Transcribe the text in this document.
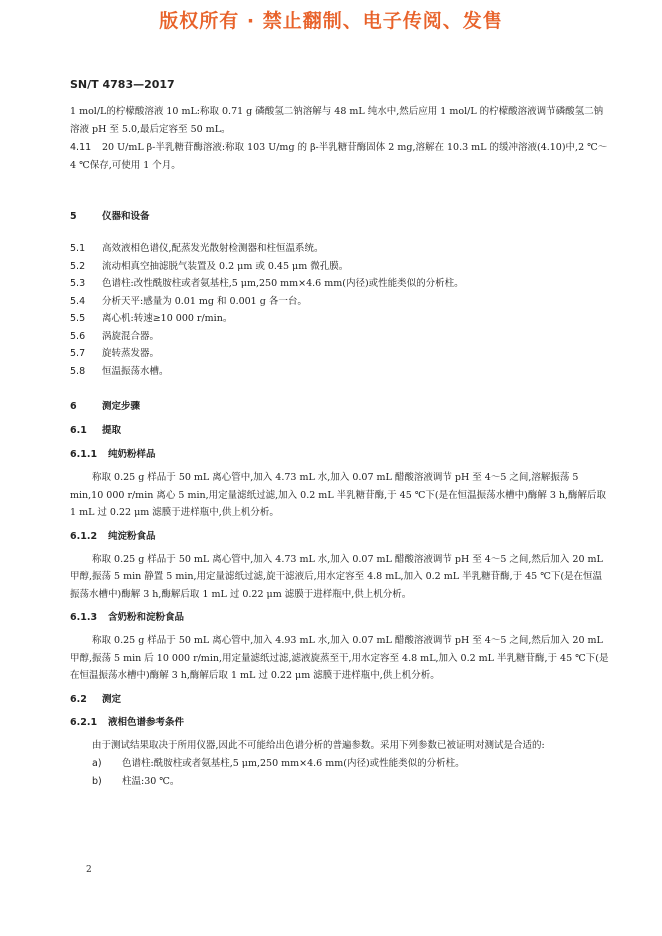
版权所有 · 禁止翻制、电子传阅、发售
SN/T 4783—2017

1 mol/L的柠檬酸溶液 10 mL:称取 0.71 g 磷酸氢二钠溶解与 48 mL 纯水中,然后应用 1 mol/L 的柠檬酸溶液调节磷酸氢二钠溶液 pH 至 5.0,最后定容至 50 mL。

4.11 20 U/mL β-半乳糖苷酶溶液:称取 103 U/mg 的 β-半乳糖苷酶固体 2 mg,溶解在 10.3 mL 的缓冲溶液(4.10)中,2 ℃～4 ℃保存,可使用 1 个月。

5	仪器和设备

5.1 高效液相色谱仪,配蒸发光散射检测器和柱恒温系统。

5.2 流动相真空抽滤脱气装置及 0.2 μm 或 0.45 μm 微孔膜。

5.3 色谱柱:改性酰胺柱或者氨基柱,5 μm,250 mm×4.6 mm(内径)或性能类似的分析柱。

5.4 分析天平:感量为 0.01 mg 和 0.001 g 各一台。

5.5 离心机:转速≥10 000 r/min。

5.6 涡旋混合器。

5.7 旋转蒸发器。

5.8 恒温振荡水槽。

6	测定步骤

6.1 提取

6.1.1 纯奶粉样品

称取 0.25 g 样品于 50 mL 离心管中,加入 4.73 mL 水,加入 0.07 mL 醋酸溶液调节 pH 至 4～5 之间,溶解振荡 5 min,10 000 r/min 离心 5 min,用定量滤纸过滤,加入 0.2 mL 半乳糖苷酶,于 45 ℃下(是在恒温振荡水槽中)酶解 3 h,酶解后取 1 mL 过 0.22 μm 滤膜于进样瓶中,供上机分析。

6.1.2 纯淀粉食品

称取 0.25 g 样品于 50 mL 离心管中,加入 4.73 mL 水,加入 0.07 mL 醋酸溶液调节 pH 至 4～5 之间,然后加入 20 mL 甲醇,振荡 5 min 静置 5 min,用定量滤纸过滤,旋干滤液后,用水定容至 4.8 mL,加入 0.2 mL 半乳糖苷酶,于 45 ℃下(是在恒温振荡水槽中)酶解 3 h,酶解后取 1 mL 过 0.22 μm 滤膜于进样瓶中,供上机分析。

6.1.3 含奶粉和淀粉食品

称取 0.25 g 样品于 50 mL 离心管中,加入 4.93 mL 水,加入 0.07 mL 醋酸溶液调节 pH 至 4～5 之间,然后加入 20 mL 甲醇,振荡 5 min 后 10 000 r/min,用定量滤纸过滤,滤液旋蒸至干,用水定容至 4.8 mL,加入 0.2 mL 半乳糖苷酶,于 45 ℃下(是在恒温振荡水槽中)酶解 3 h,酶解后取 1 mL 过 0.22 μm 滤膜于进样瓶中,供上机分析。

6.2 测定

6.2.1 液相色谱参考条件

由于测试结果取决于所用仪器,因此不可能给出色谱分析的普遍参数。采用下列参数已被证明对测试是合适的:

a) 色谱柱:酰胺柱或者氨基柱,5 μm,250 mm×4.6 mm(内径)或性能类似的分析柱。

b) 柱温:30 ℃。

2
